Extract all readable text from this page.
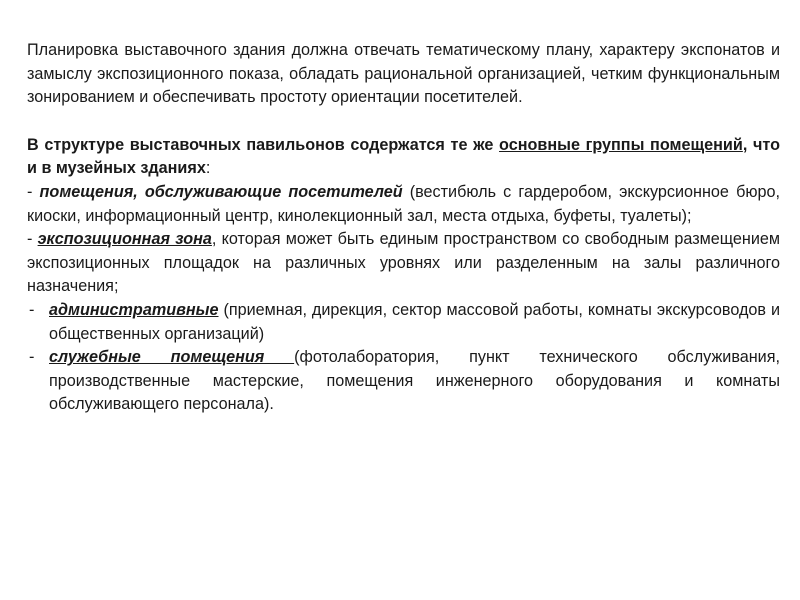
Планировка выставочного здания должна отвечать тематическому плану, характеру экспонатов и замыслу экспозиционного показа, обладать рациональной организацией, четким функциональным зонированием и обеспечивать простоту ориентации посетителей.

В структуре выставочных павильонов содержатся те же основные группы помещений, что и в музейных зданиях:

- помещения, обслуживающие посетителей (вестибюль с гардеробом, экскурсионное бюро, киоски, информационный центр, кинолекционный зал, места отдыха, буфеты, туалеты);

- экспозиционная зона, которая может быть единым пространством со свободным размещением экспозиционных площадок на различных уровнях или разделенным на залы различного назначения;

- административные (приемная, дирекция, сектор массовой работы, комнаты экскурсоводов и общественных организаций)
- служебные помещения (фотолаборатория, пункт технического обслуживания, производственные мастерские, помещения инженерного оборудования и комнаты обслуживающего персонала).
